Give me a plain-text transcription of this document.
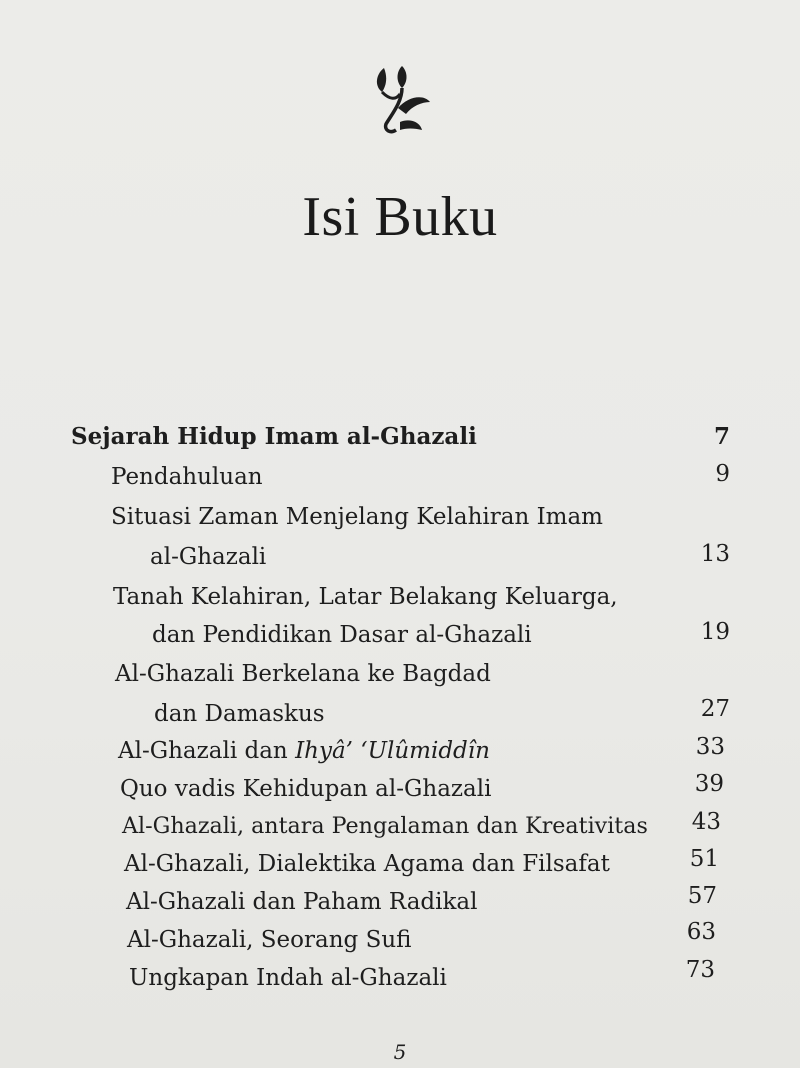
Isi Buku
Sejarah Hidup Imam al-Ghazali	7
Pendahuluan	9
Situasi Zaman Menjelang Kelahiran Imam
al-Ghazali	13
Tanah Kelahiran, Latar Belakang Keluarga,
dan Pendidikan Dasar al-Ghazali	19
Al-Ghazali Berkelana ke Bagdad
dan Damaskus	27
Al-Ghazali dan Ihyâ’ ‘Ulûmiddîn	33
Quo vadis Kehidupan al-Ghazali	39
Al-Ghazali, antara Pengalaman dan Kreativitas	43
Al-Ghazali, Dialektika Agama dan Filsafat	51
Al-Ghazali dan Paham Radikal	57
Al-Ghazali, Seorang Sufi	63
Ungkapan Indah al-Ghazali	73
5
